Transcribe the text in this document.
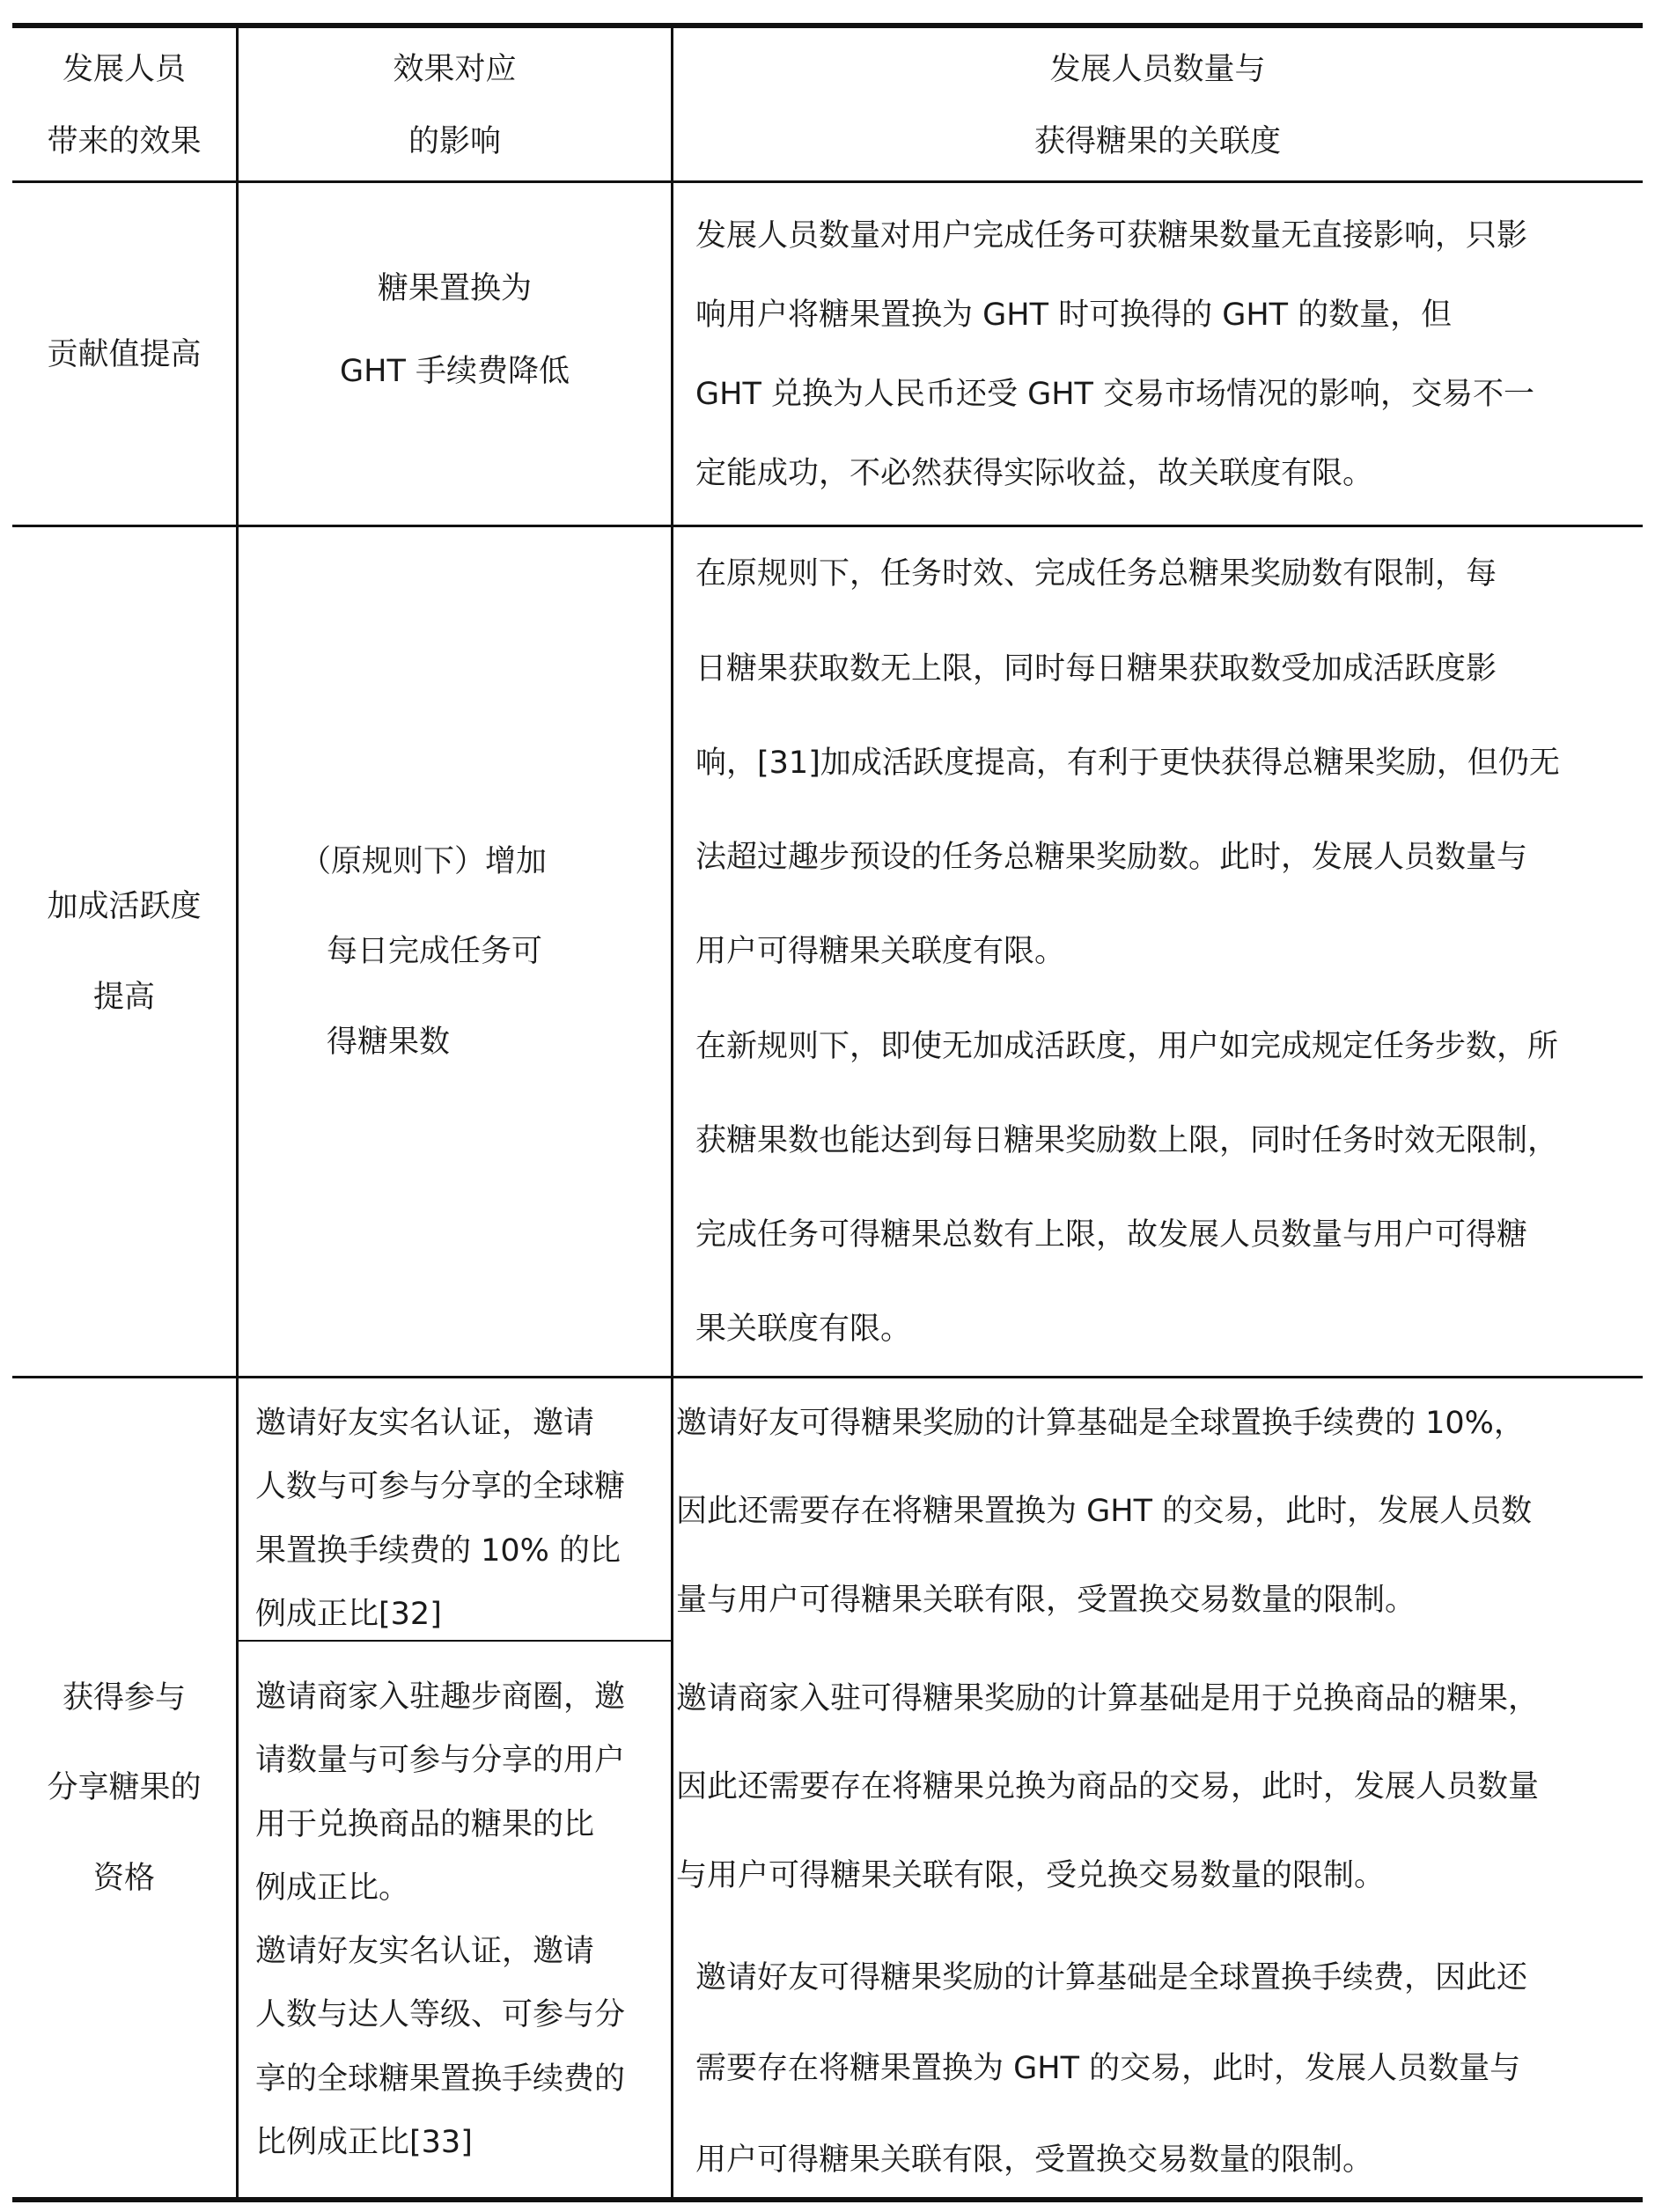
发展人员
带来的效果
效果对应
的影响
发展人员数量与
获得糖果的关联度
贡献值提高
糖果置换为
GHT 手续费降低
发展人员数量对用户完成任务可获糖果数量无直接影响，只影
响用户将糖果置换为 GHT 时可换得的 GHT 的数量，但
GHT 兑换为人民币还受 GHT 交易市场情况的影响，交易不一
定能成功，不必然获得实际收益，故关联度有限。
加成活跃度
提高
（原规则下）增加
每日完成任务可
得糖果数
在原规则下，任务时效、完成任务总糖果奖励数有限制，每
日糖果获取数无上限，同时每日糖果获取数受加成活跃度影
响，[31]加成活跃度提高，有利于更快获得总糖果奖励，但仍无
法超过趣步预设的任务总糖果奖励数。此时，发展人员数量与
用户可得糖果关联度有限。
在新规则下，即使无加成活跃度，用户如完成规定任务步数，所
获糖果数也能达到每日糖果奖励数上限，同时任务时效无限制，
完成任务可得糖果总数有上限，故发展人员数量与用户可得糖
果关联度有限。
获得参与
分享糖果的
资格
邀请好友实名认证，邀请
人数与可参与分享的全球糖
果置换手续费的 10% 的比
例成正比[32]
邀请好友可得糖果奖励的计算基础是全球置换手续费的 10%，
因此还需要存在将糖果置换为 GHT 的交易，此时，发展人员数
量与用户可得糖果关联有限，受置换交易数量的限制。
邀请商家入驻趣步商圈，邀
请数量与可参与分享的用户
用于兑换商品的糖果的比
例成正比。
邀请好友实名认证，邀请
人数与达人等级、可参与分
享的全球糖果置换手续费的
比例成正比[33]
邀请商家入驻可得糖果奖励的计算基础是用于兑换商品的糖果，
因此还需要存在将糖果兑换为商品的交易，此时，发展人员数量
与用户可得糖果关联有限，受兑换交易数量的限制。
邀请好友可得糖果奖励的计算基础是全球置换手续费，因此还
需要存在将糖果置换为 GHT 的交易，此时，发展人员数量与
用户可得糖果关联有限，受置换交易数量的限制。
